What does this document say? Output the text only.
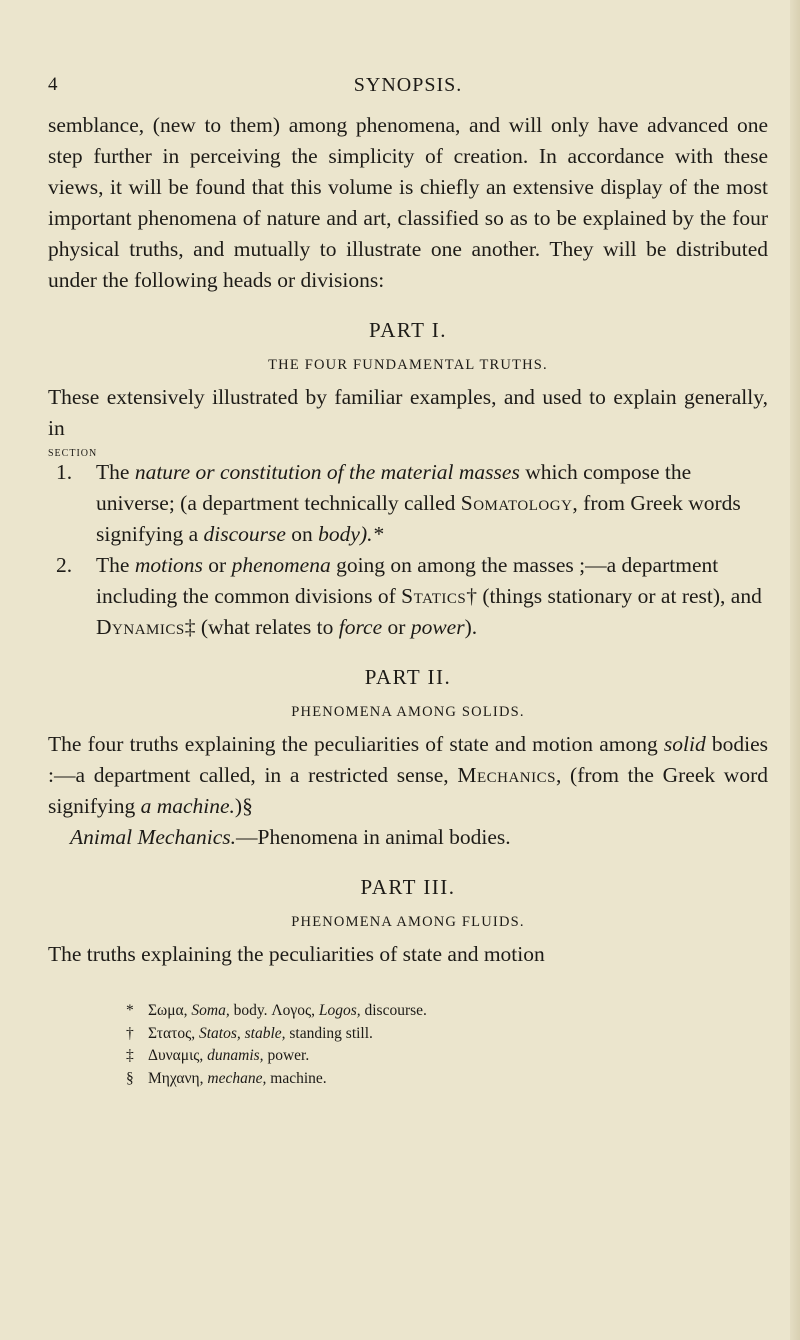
4	SYNOPSIS.

semblance, (new to them) among phenomena, and will only have advanced one step further in perceiving the simplicity of creation. In accordance with these views, it will be found that this volume is chiefly an extensive display of the most important phenomena of nature and art, classified so as to be explained by the four physical truths, and mutually to illustrate one another. They will be distributed under the following heads or divisions:

PART I.
THE FOUR FUNDAMENTAL TRUTHS.

These extensively illustrated by familiar examples, and used to explain generally, in

SECTION

1. The nature or constitution of the material masses which compose the universe; (a department technically called Somatology, from Greek words signifying a discourse on body).*

2. The motions or phenomena going on among the masses ;—a department including the common divisions of Statics† (things stationary or at rest), and Dynamics‡ (what relates to force or power).

PART II.
PHENOMENA AMONG SOLIDS.

The four truths explaining the peculiarities of state and motion among solid bodies :—a department called, in a restricted sense, Mechanics, (from the Greek word signifying a machine.)§
Animal Mechanics.—Phenomena in animal bodies.

PART III.
PHENOMENA AMONG FLUIDS.

The truths explaining the peculiarities of state and motion

* Σωμα, Soma, body. Λογος, Logos, discourse.

† Στατος, Statos, stable, standing still.

‡ Δυναμις, dunamis, power.

§ Μηχανη, mechane, machine.
